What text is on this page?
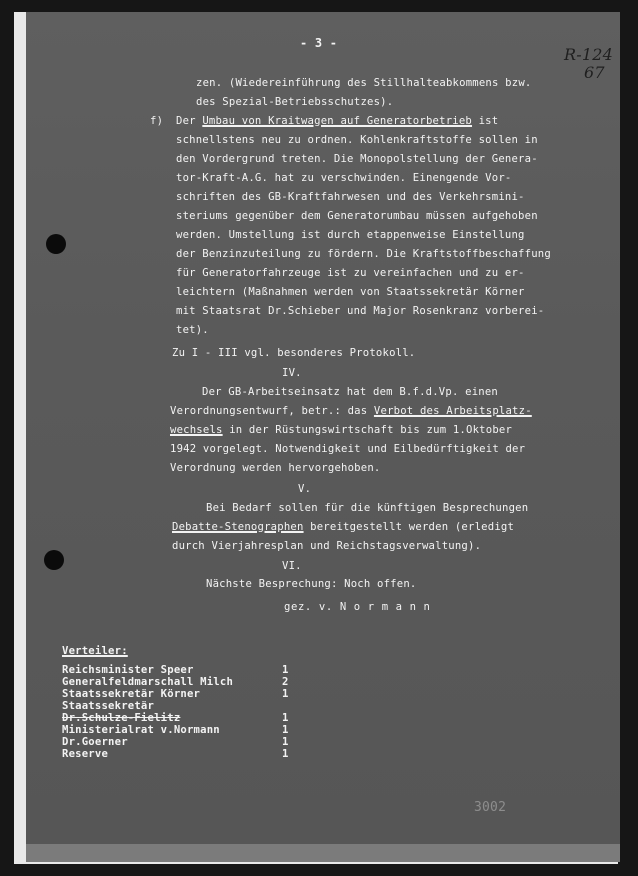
- 3 -
R-124
67
zen. (Wiedereinführung des Stillhalteabkommens bzw.
des Spezial-Betriebsschutzes).
f) Der Umbau von Kraitwagen auf Generatorbetrieb ist
schnellstens neu zu ordnen. Kohlenkraftstoffe sollen in
den Vordergrund treten. Die Monopolstellung der Genera-
tor-Kraft-A.G. hat zu verschwinden. Einengende Vor-
schriften des GB-Kraftfahrwesen und des Verkehrsmini-
steriums gegenüber dem Generatorumbau müssen aufgehoben
werden. Umstellung ist durch etappenweise Einstellung
der Benzinzuteilung zu fördern. Die Kraftstoffbeschaffung
für Generatorfahrzeuge ist zu vereinfachen und zu er-
leichtern (Maßnahmen werden von Staatssekretär Körner
mit Staatsrat Dr.Schieber und Major Rosenkranz vorberei-
tet).
Zu I - III vgl. besonderes Protokoll.
IV.
Der GB-Arbeitseinsatz hat dem B.f.d.Vp. einen
Verordnungsentwurf, betr.: das Verbot des Arbeitsplatz-
wechsels in der Rüstungswirtschaft bis zum 1.Oktober
1942 vorgelegt. Notwendigkeit und Eilbedürftigkeit der
Verordnung werden hervorgehoben.
V.
Bei Bedarf sollen für die künftigen Besprechungen
Debatte-Stenographen bereitgestellt werden (erledigt
durch Vierjahresplan und Reichstagsverwaltung).
VI.
Nächste Besprechung: Noch offen.
gez. v. N o r m a n n
Verteiler:
Reichsminister Speer	1
Generalfeldmarschall Milch	2
Staatssekretär Körner	1
Staatssekretär
Dr.Schulze-Fielitz	1
Ministerialrat v.Normann	1
Dr.Goerner	1
Reserve	1
3002
